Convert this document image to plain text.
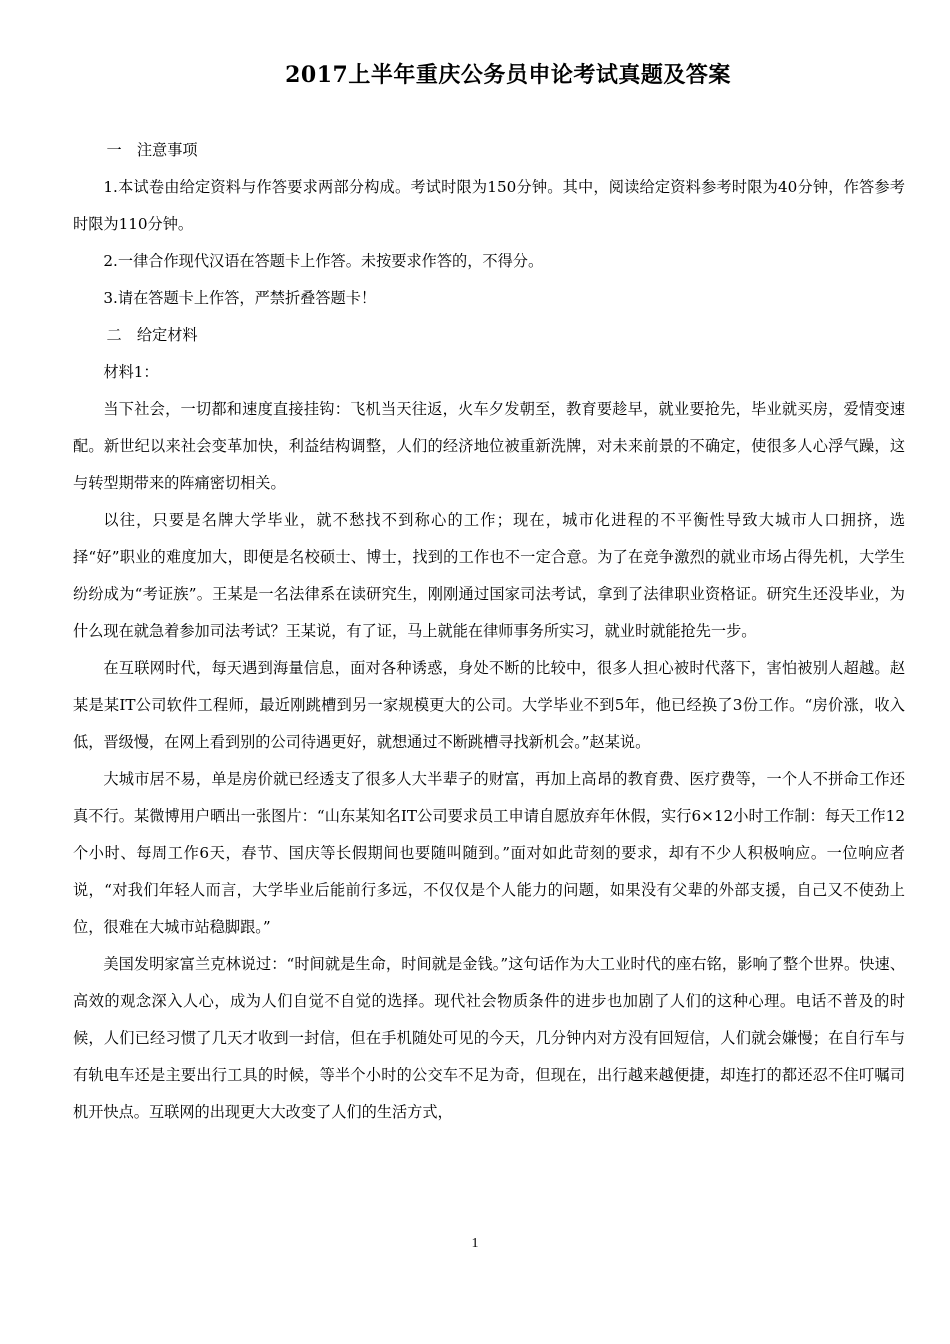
2017上半年重庆公务员申论考试真题及答案

一　注意事项

1.本试卷由给定资料与作答要求两部分构成。考试时限为150分钟。其中，阅读给定资料参考时限为40分钟，作答参考时限为110分钟。

2.一律合作现代汉语在答题卡上作答。未按要求作答的，不得分。

3.请在答题卡上作答，严禁折叠答题卡！

二　给定材料

材料1：

当下社会，一切都和速度直接挂钩：飞机当天往返，火车夕发朝至，教育要趁早，就业要抢先，毕业就买房，爱情变速配。新世纪以来社会变革加快，利益结构调整，人们的经济地位被重新洗牌，对未来前景的不确定，使很多人心浮气躁，这与转型期带来的阵痛密切相关。

以往，只要是名牌大学毕业，就不愁找不到称心的工作；现在，城市化进程的不平衡性导致大城市人口拥挤，选择“好”职业的难度加大，即便是名校硕士、博士，找到的工作也不一定合意。为了在竞争激烈的就业市场占得先机，大学生纷纷成为“考证族”。王某是一名法律系在读研究生，刚刚通过国家司法考试，拿到了法律职业资格证。研究生还没毕业，为什么现在就急着参加司法考试？王某说，有了证，马上就能在律师事务所实习，就业时就能抢先一步。

在互联网时代，每天遇到海量信息，面对各种诱惑，身处不断的比较中，很多人担心被时代落下，害怕被别人超越。赵某是某IT公司软件工程师，最近刚跳槽到另一家规模更大的公司。大学毕业不到5年，他已经换了3份工作。“房价涨，收入低，晋级慢，在网上看到别的公司待遇更好，就想通过不断跳槽寻找新机会。”赵某说。

大城市居不易，单是房价就已经透支了很多人大半辈子的财富，再加上高昂的教育费、医疗费等，一个人不拼命工作还真不行。某微博用户晒出一张图片：“山东某知名IT公司要求员工申请自愿放弃年休假，实行6×12小时工作制：每天工作12个小时、每周工作6天，春节、国庆等长假期间也要随叫随到。”面对如此苛刻的要求，却有不少人积极响应。一位响应者说，“对我们年轻人而言，大学毕业后能前行多远，不仅仅是个人能力的问题，如果没有父辈的外部支援，自己又不使劲上位，很难在大城市站稳脚跟。”

美国发明家富兰克林说过：“时间就是生命，时间就是金钱。”这句话作为大工业时代的座右铭，影响了整个世界。快速、高效的观念深入人心，成为人们自觉不自觉的选择。现代社会物质条件的进步也加剧了人们的这种心理。电话不普及的时候，人们已经习惯了几天才收到一封信，但在手机随处可见的今天，几分钟内对方没有回短信，人们就会嫌慢；在自行车与有轨电车还是主要出行工具的时候，等半个小时的公交车不足为奇，但现在，出行越来越便捷，却连打的都还忍不住叮嘱司机开快点。互联网的出现更大大改变了人们的生活方式，

1
